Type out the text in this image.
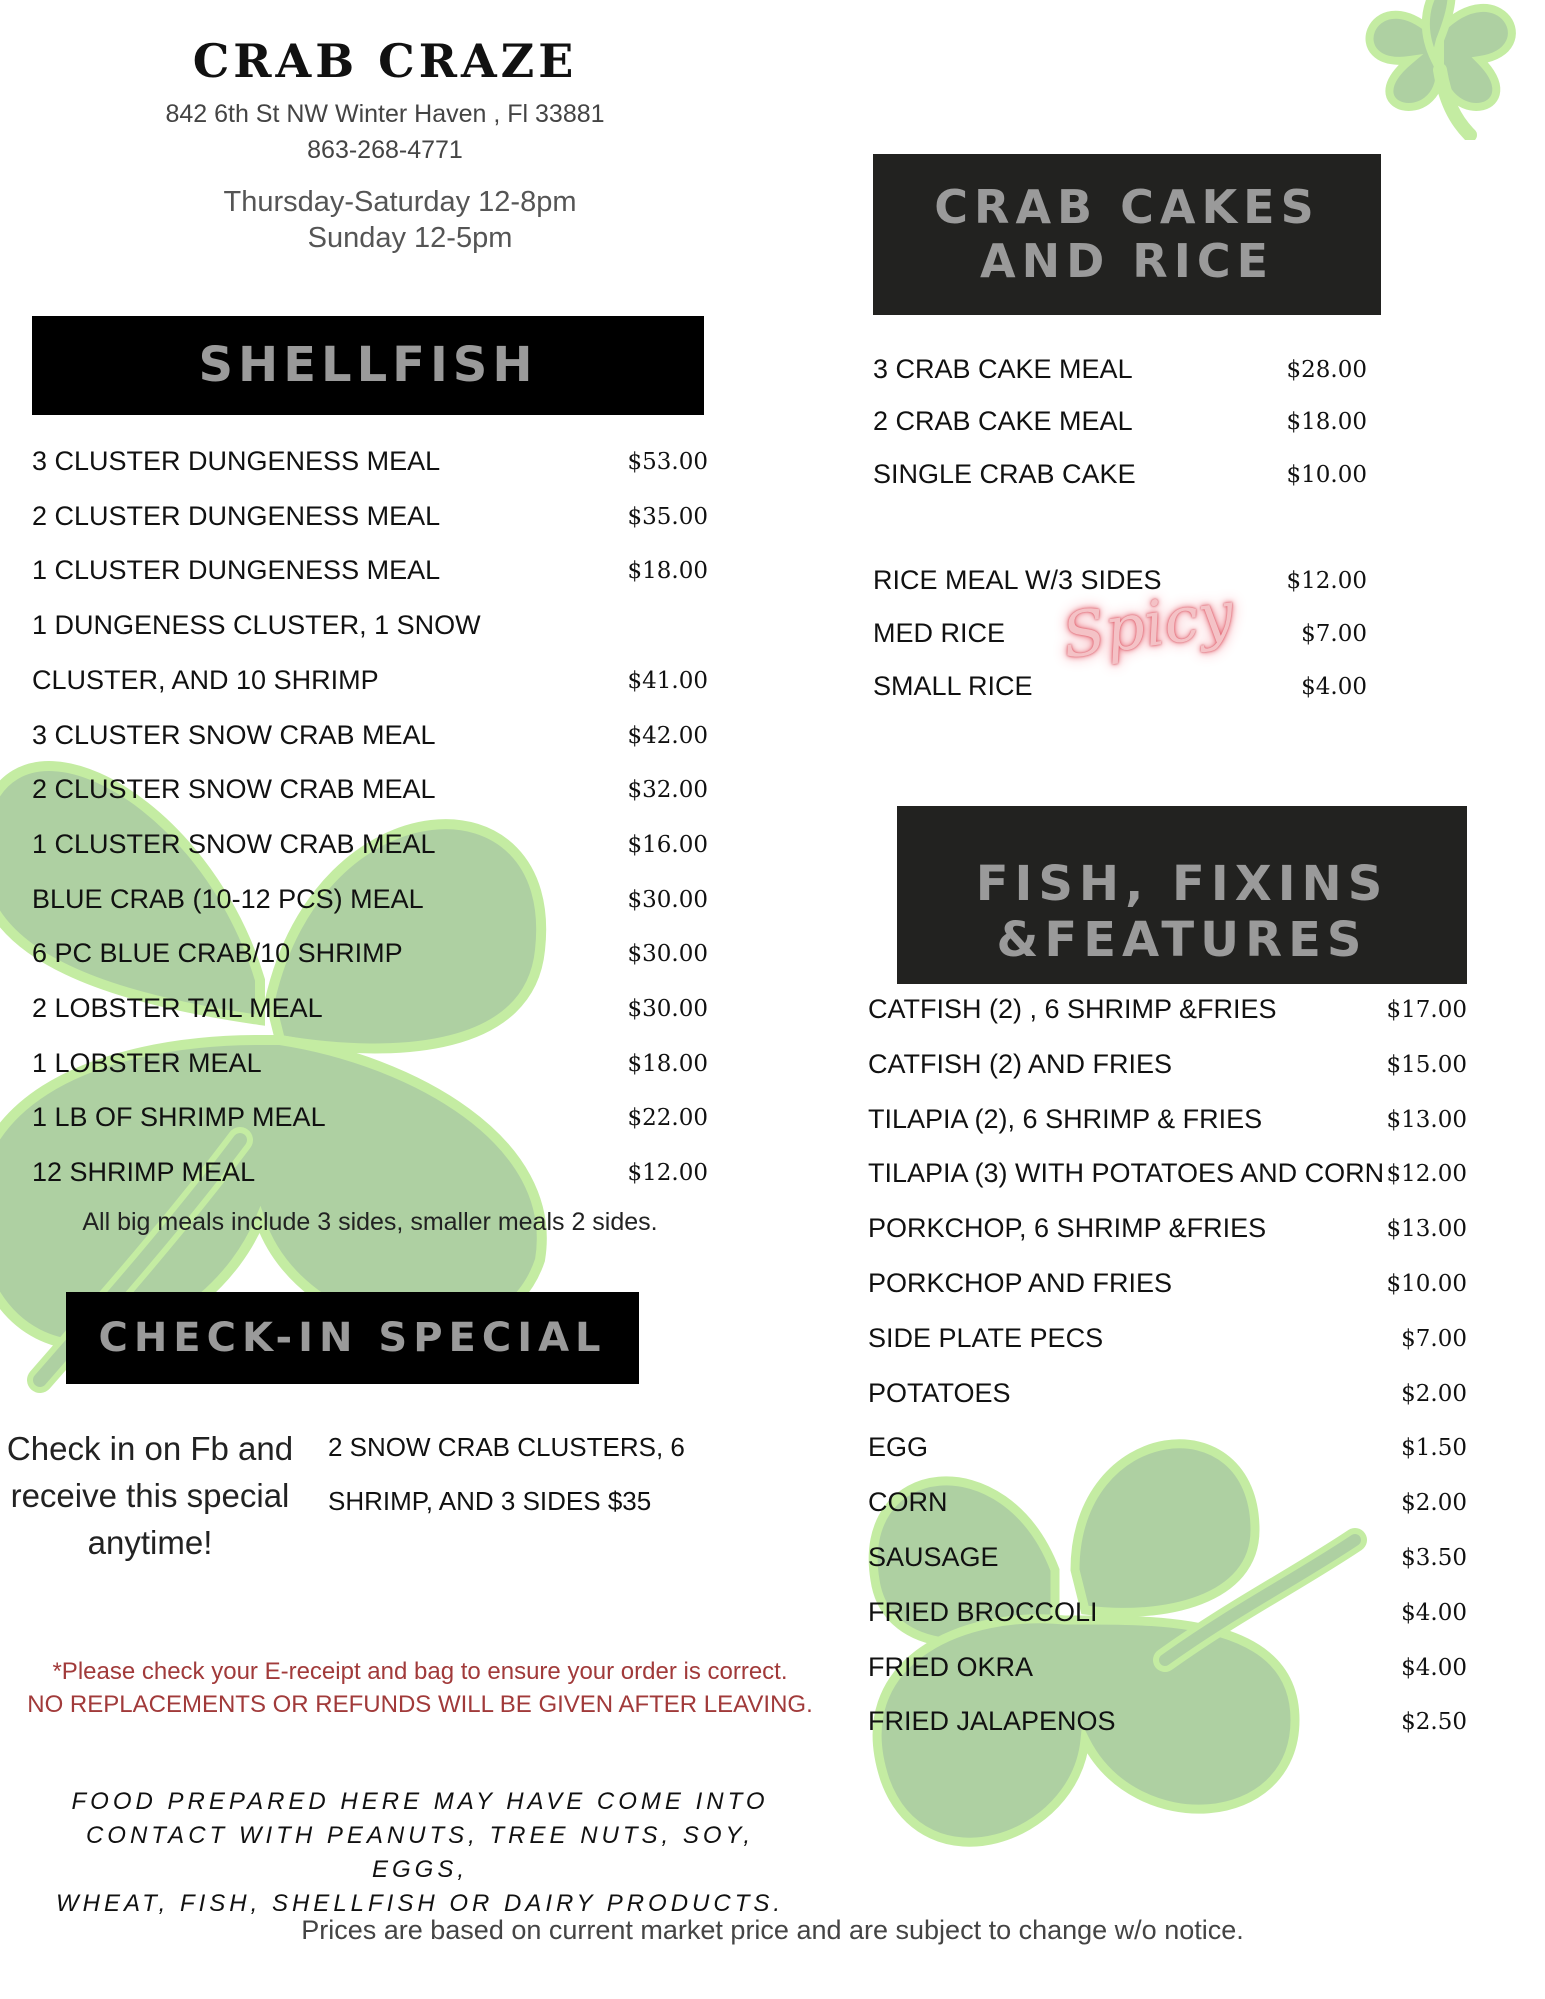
CRAB CRAZE
842 6th St NW Winter Haven , Fl 33881
863-268-4771
Thursday-Saturday 12-8pm
Sunday 12-5pm
SHELLFISH
3 CLUSTER DUNGENESS MEAL	$53.00
2 CLUSTER DUNGENESS MEAL	$35.00
1 CLUSTER DUNGENESS MEAL	$18.00
1 DUNGENESS CLUSTER, 1 SNOW
CLUSTER, AND 10 SHRIMP	$41.00
3 CLUSTER SNOW CRAB MEAL	$42.00
2 CLUSTER SNOW CRAB MEAL	$32.00
1 CLUSTER SNOW CRAB MEAL	$16.00
BLUE CRAB (10-12 PCS) MEAL	$30.00
6 PC BLUE CRAB/10 SHRIMP	$30.00
2 LOBSTER TAIL MEAL	$30.00
1 LOBSTER MEAL	$18.00
1 LB OF SHRIMP MEAL	$22.00
12 SHRIMP MEAL	$12.00
All big meals include 3 sides, smaller meals 2 sides.
CHECK-IN SPECIAL
Check in on Fb and receive this special anytime!
2 SNOW CRAB CLUSTERS, 6
SHRIMP, AND 3 SIDES $35
*Please check your E-receipt and bag to ensure your order is correct.
NO REPLACEMENTS OR REFUNDS WILL BE GIVEN AFTER LEAVING.
FOOD PREPARED HERE MAY HAVE COME INTO
CONTACT WITH PEANUTS, TREE NUTS, SOY, EGGS,
WHEAT, FISH, SHELLFISH OR DAIRY PRODUCTS.
CRAB CAKES
AND RICE
3 CRAB CAKE MEAL	$28.00
2 CRAB CAKE MEAL	$18.00
SINGLE CRAB CAKE	$10.00
RICE MEAL W/3 SIDES	$12.00
MED RICE	$7.00
SMALL RICE	$4.00
Spicy
FISH, FIXINS
&FEATURES
CATFISH (2) , 6 SHRIMP &FRIES	$17.00
CATFISH (2) AND FRIES	$15.00
TILAPIA (2), 6 SHRIMP & FRIES	$13.00
TILAPIA (3) WITH POTATOES AND CORN $12.00
PORKCHOP, 6 SHRIMP &FRIES	$13.00
PORKCHOP AND FRIES	$10.00
SIDE PLATE PECS	$7.00
POTATOES	$2.00
EGG	$1.50
CORN	$2.00
SAUSAGE	$3.50
FRIED BROCCOLI	$4.00
FRIED OKRA	$4.00
FRIED JALAPENOS	$2.50
Prices are based on current market price and are subject to change w/o notice.
